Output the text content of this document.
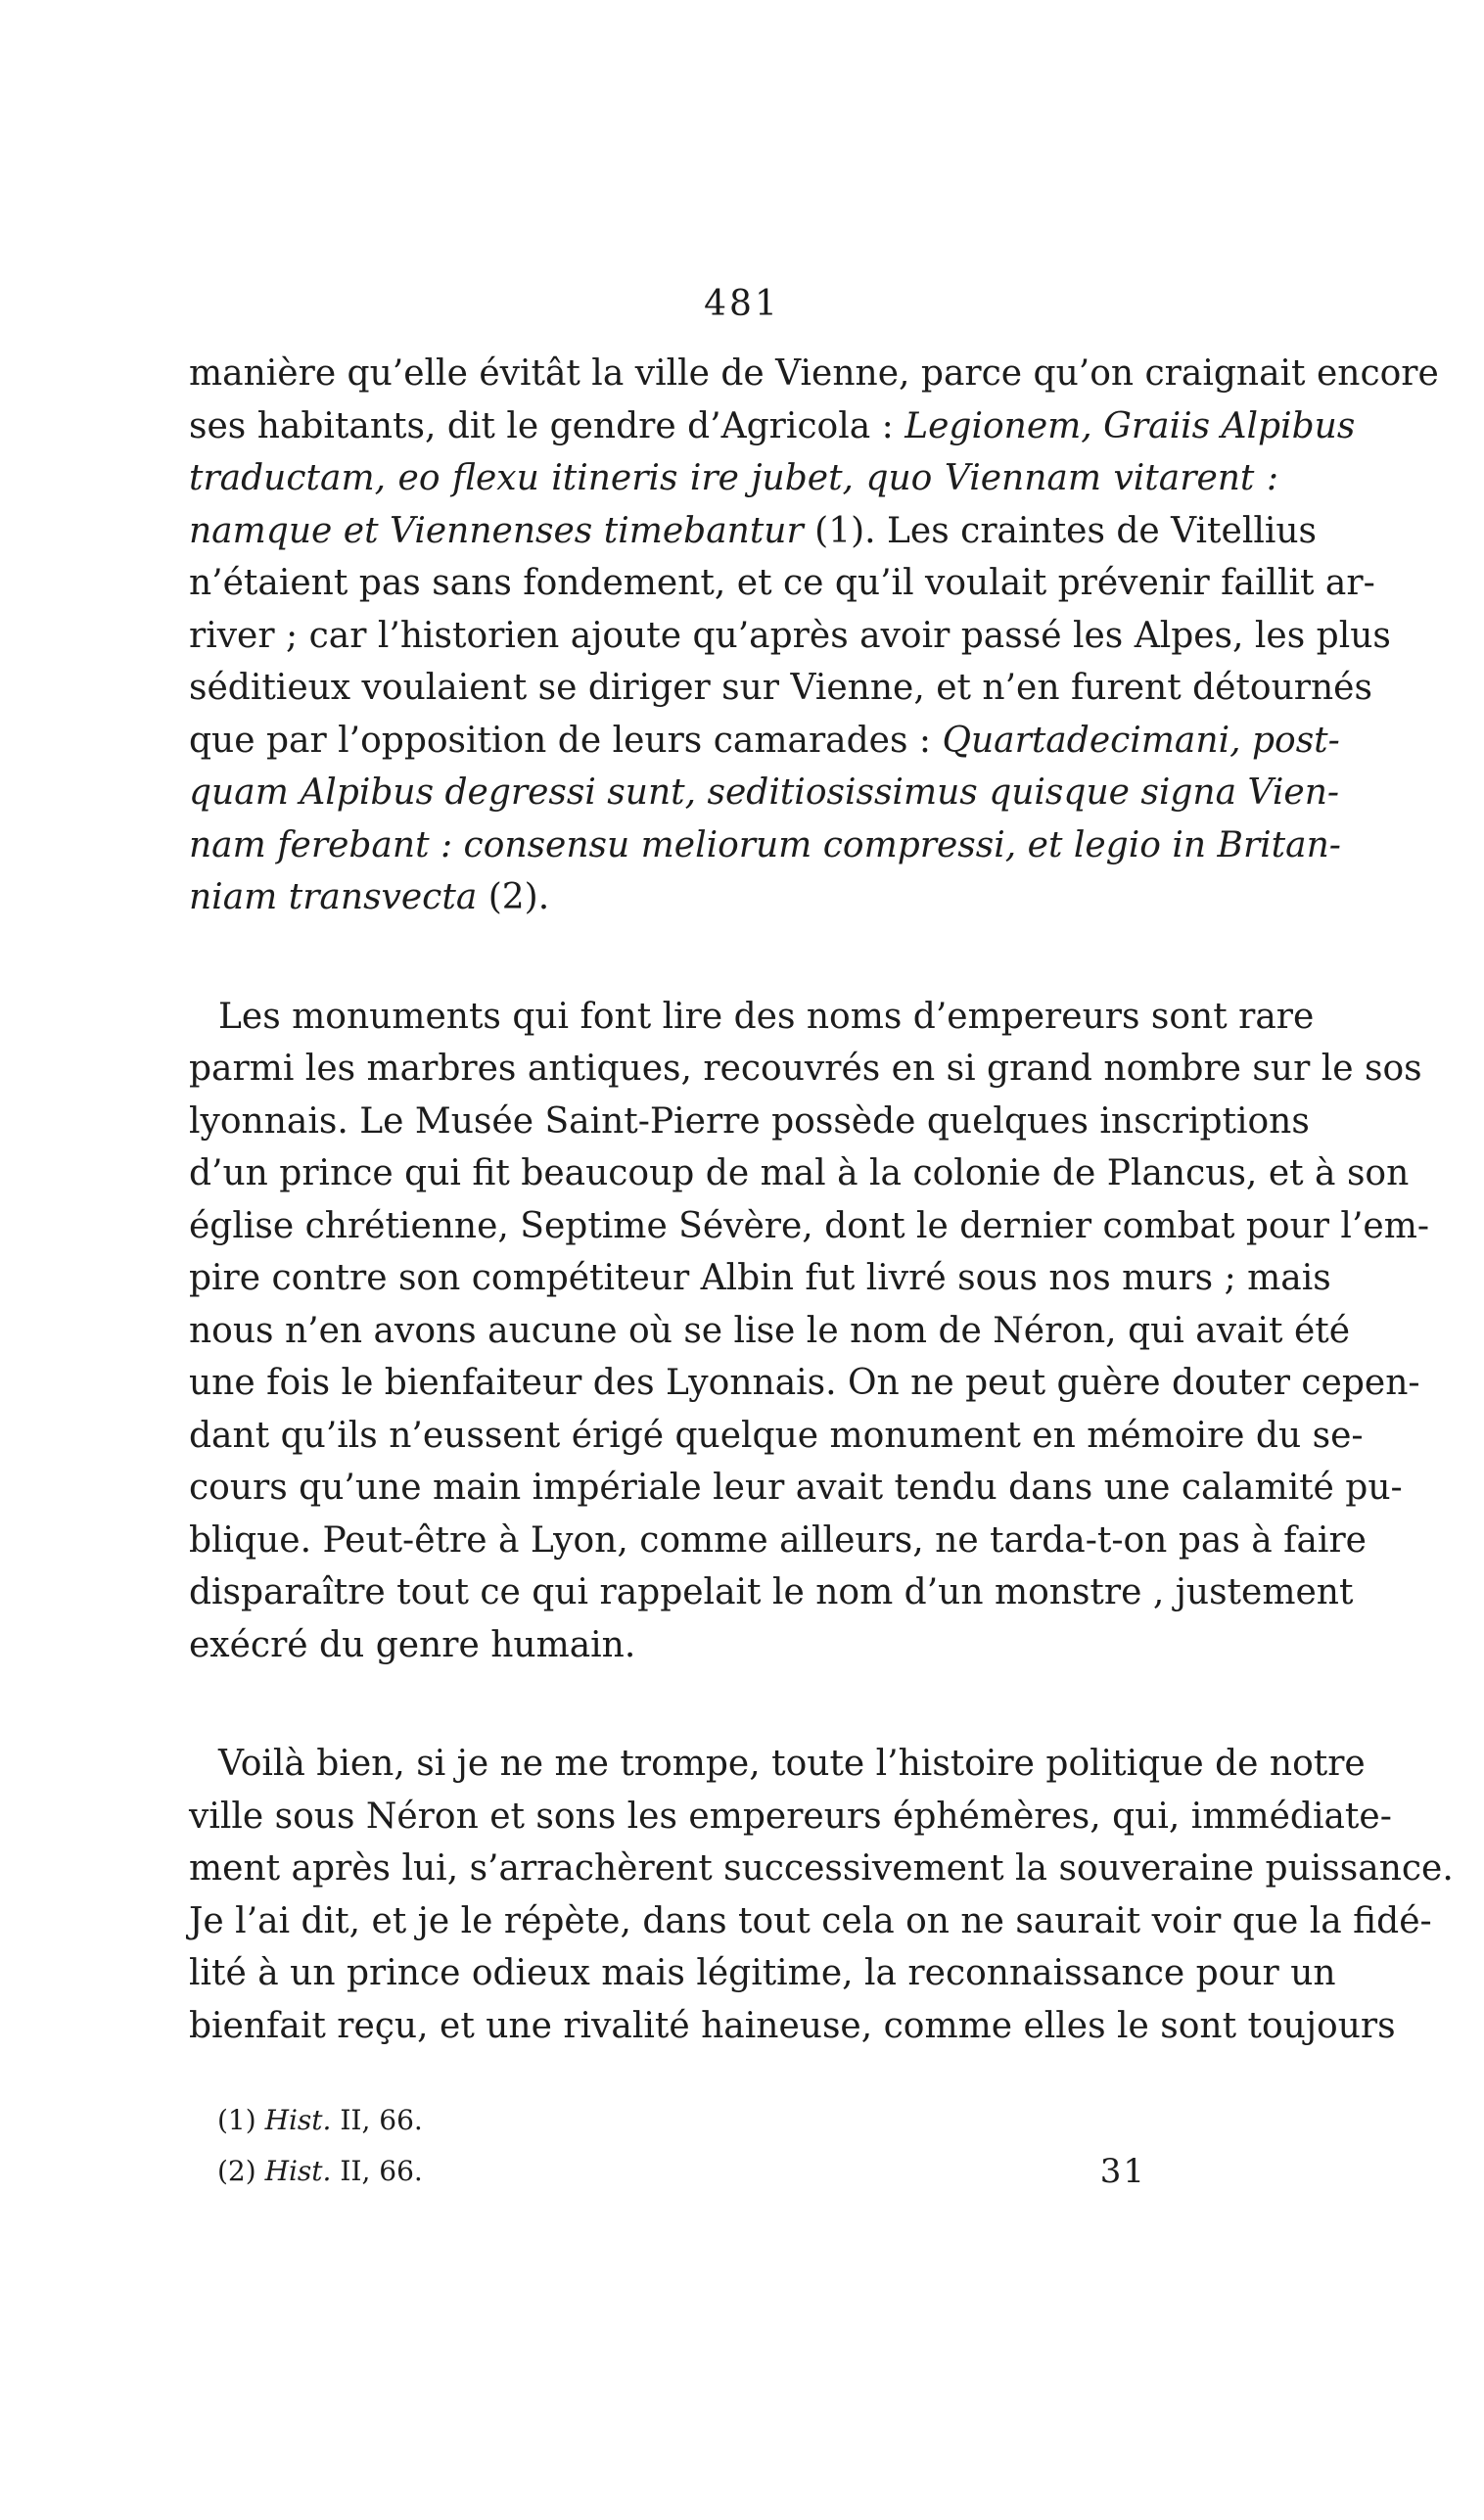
481
manière qu’elle évitât la ville de Vienne, parce qu’on craignait encore
ses habitants, dit le gendre d’Agricola : Legionem, Graiis Alpibus
traductam, eo flexu itineris ire jubet, quo Viennam vitarent :
namque et Viennenses timebantur (1). Les craintes de Vitellius
n’étaient pas sans fondement, et ce qu’il voulait prévenir faillit ar-
river ; car l’historien ajoute qu’après avoir passé les Alpes, les plus
séditieux voulaient se diriger sur Vienne, et n’en furent détournés
que par l’opposition de leurs camarades : Quartadecimani, post-
quam Alpibus degressi sunt, seditiosissimus quisque signa Vien-
nam ferebant : consensu meliorum compressi, et legio in Britan-
niam transvecta (2).
Les monuments qui font lire des noms d’empereurs sont rare
parmi les marbres antiques, recouvrés en si grand nombre sur le sos
lyonnais. Le Musée Saint-Pierre possède quelques inscriptions
d’un prince qui fit beaucoup de mal à la colonie de Plancus, et à son
église chrétienne, Septime Sévère, dont le dernier combat pour l’em-
pire contre son compétiteur Albin fut livré sous nos murs ; mais
nous n’en avons aucune où se lise le nom de Néron, qui avait été
une fois le bienfaiteur des Lyonnais. On ne peut guère douter cepen-
dant qu’ils n’eussent érigé quelque monument en mémoire du se-
cours qu’une main impériale leur avait tendu dans une calamité pu-
blique. Peut-être à Lyon, comme ailleurs, ne tarda-t-on pas à faire
disparaître tout ce qui rappelait le nom d’un monstre , justement
exécré du genre humain.
Voilà bien, si je ne me trompe, toute l’histoire politique de notre
ville sous Néron et sons les empereurs éphémères, qui, immédiate-
ment après lui, s’arrachèrent successivement la souveraine puissance.
Je l’ai dit, et je le répète, dans tout cela on ne saurait voir que la fidé-
lité à un prince odieux mais légitime, la reconnaissance pour un
bienfait reçu, et une rivalité haineuse, comme elles le sont toujours
(1) Hist. II, 66.
(2) Hist. II, 66.	31
